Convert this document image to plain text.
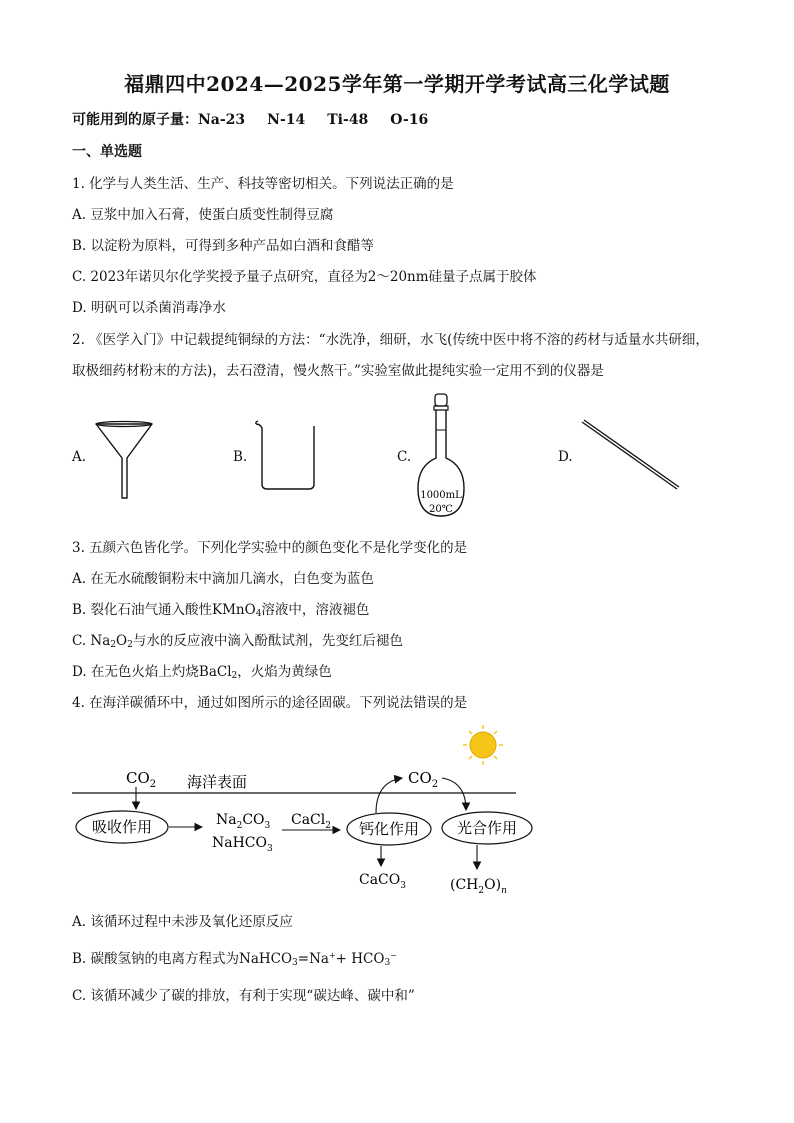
福鼎四中2024—2025学年第一学期开学考试高三化学试题
可能用到的原子量：Na-23 N-14 Ti-48 O-16
一、单选题
1. 化学与人类生活、生产、科技等密切相关。下列说法正确的是
A. 豆浆中加入石膏，使蛋白质变性制得豆腐
B. 以淀粉为原料，可得到多种产品如白酒和食醋等
C. 2023年诺贝尔化学奖授予量子点研究，直径为2～20nm硅量子点属于胶体
D. 明矾可以杀菌消毒净水
2. 《医学入门》中记载提纯铜绿的方法：“水洗净，细研，水飞(传统中医中将不溶的药材与适量水共研细，取极细药材粉末的方法)，去石澄清，慢火熬干。”实验室做此提纯实验一定用不到的仪器是
A.	B.	C.
1000mL
20℃
D.
3. 五颜六色皆化学。下列化学实验中的颜色变化不是化学变化的是
A. 在无水硫酸铜粉末中滴加几滴水，白色变为蓝色
B. 裂化石油气通入酸性KMnO$_4$溶液中，溶液褪色
C. $Na_2O_2$与水的反应液中滴入酚酞试剂，先变红后褪色
D. 在无色火焰上灼烧BaCl$_2$，火焰为黄绿色
4. 在海洋碳循环中，通过如图所示的途径固碳。下列说法错误的是
海洋表面
$CO_2$
吸收作用	$Na_2CO_3$
NaHCO$_3$
CaCl$_2$ 钙化作用	光合作用
$CO_2$
CaCO$_3$	$(CH_2O)_n$
A. 该循环过程中未涉及氧化还原反应
B. 碳酸氢钠的电离方程式为NaHCO$_3$=Na++ $HCO_3^-$
C. 该循环减少了碳的排放，有利于实现“碳达峰、碳中和”
